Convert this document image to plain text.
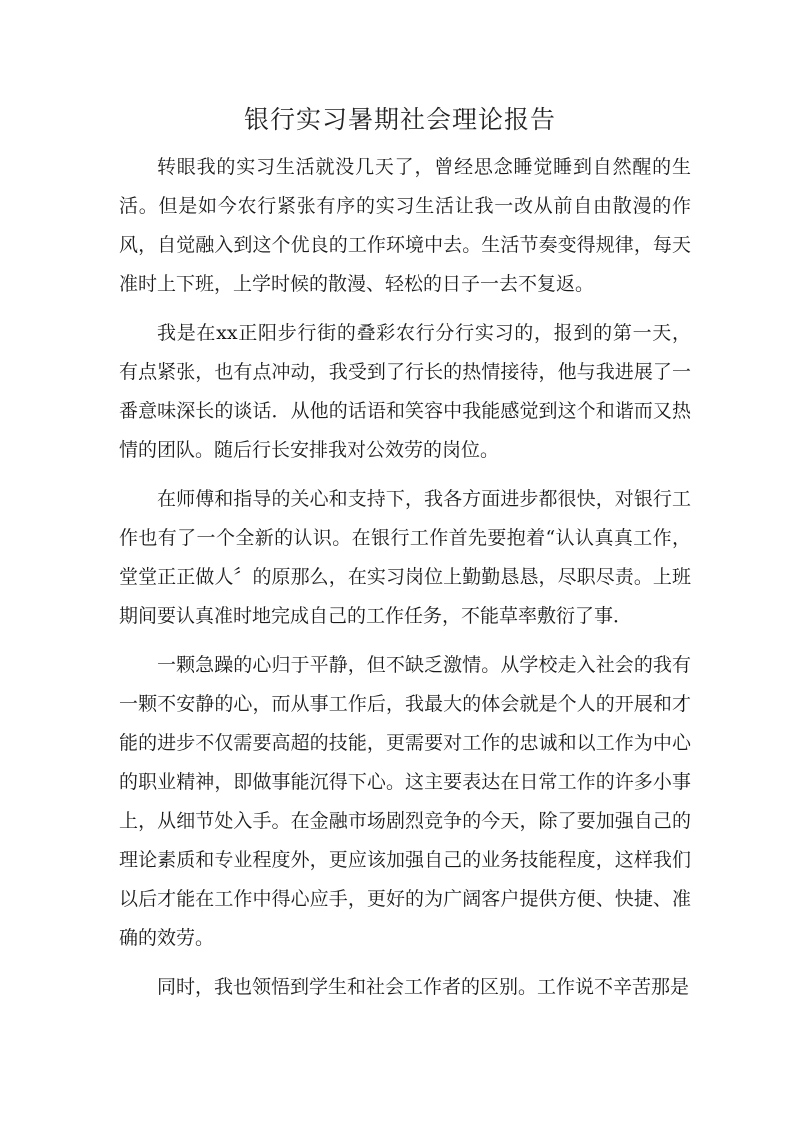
银行实习暑期社会理论报告

转眼我的实习生活就没几天了，曾经思念睡觉睡到自然醒的生活。但是如今农行紧张有序的实习生活让我一改从前自由散漫的作风，自觉融入到这个优良的工作环境中去。生活节奏变得规律，每天准时上下班，上学时候的散漫、轻松的日子一去不复返。

我是在xx正阳步行街的叠彩农行分行实习的，报到的第一天，有点紧张，也有点冲动，我受到了行长的热情接待，他与我进展了一番意味深长的谈话．从他的话语和笑容中我能感觉到这个和谐而又热情的团队。随后行长安排我对公效劳的岗位。

在师傅和指导的关心和支持下，我各方面进步都很快，对银行工作也有了一个全新的认识。在银行工作首先要抱着“认认真真工作，堂堂正正做人〞的原那么，在实习岗位上勤勤恳恳，尽职尽责。上班期间要认真准时地完成自己的工作任务，不能草率敷衍了事．

一颗急躁的心归于平静，但不缺乏激情。从学校走入社会的我有一颗不安静的心，而从事工作后，我最大的体会就是个人的开展和才能的进步不仅需要高超的技能，更需要对工作的忠诚和以工作为中心的职业精神，即做事能沉得下心。这主要表达在日常工作的许多小事上，从细节处入手。在金融市场剧烈竞争的今天，除了要加强自己的理论素质和专业程度外，更应该加强自己的业务技能程度，这样我们以后才能在工作中得心应手，更好的为广阔客户提供方便、快捷、准确的效劳。

同时，我也领悟到学生和社会工作者的区别。工作说不辛苦那是
